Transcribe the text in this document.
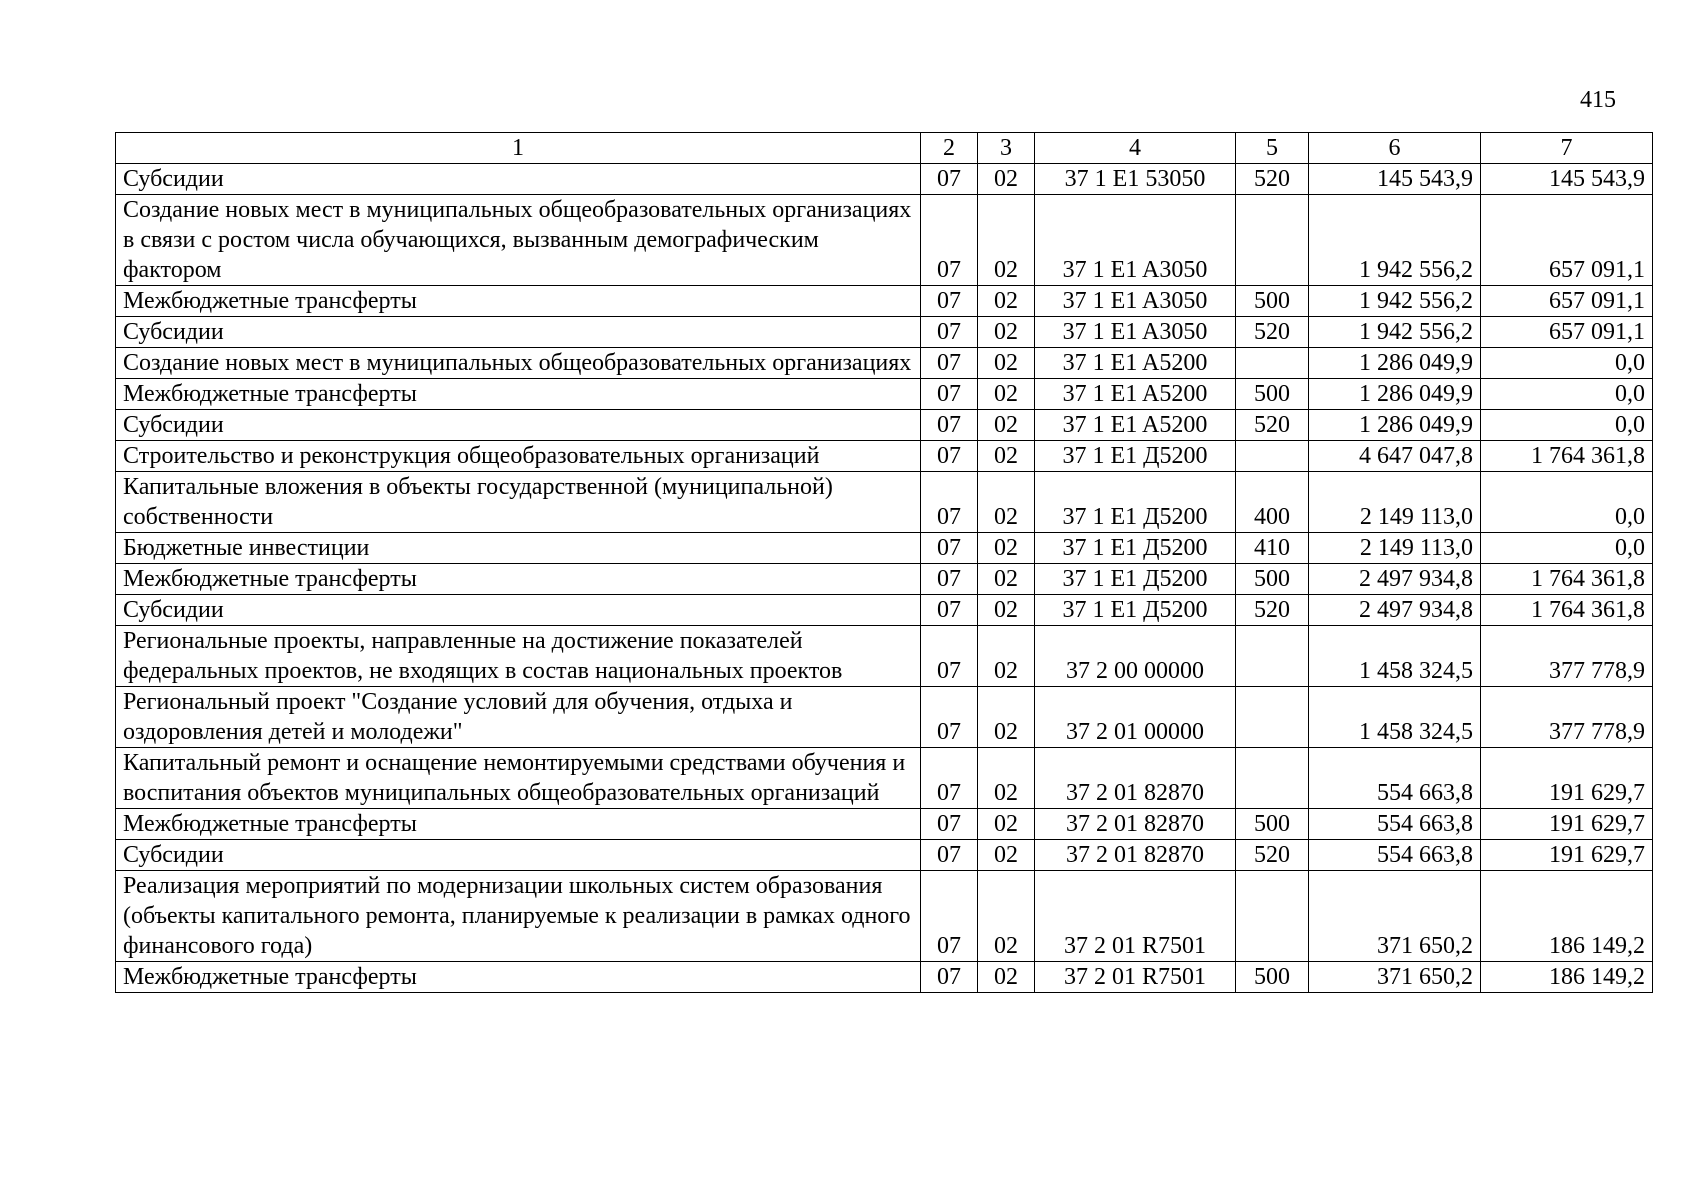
415
1	2	3	4	5	6	7
Субсидии	07	02	37 1 E1 53050	520	145 543,9	145 543,9
Создание новых мест в муниципальных общеобразовательных организациях в связи с ростом числа обучающихся, вызванным демографическим фактором	07	02	37 1 E1 A3050		1 942 556,2	657 091,1
Межбюджетные трансферты	07	02	37 1 E1 A3050	500	1 942 556,2	657 091,1
Субсидии	07	02	37 1 E1 A3050	520	1 942 556,2	657 091,1
Создание новых мест в муниципальных общеобразовательных организациях	07	02	37 1 E1 A5200		1 286 049,9	0,0
Межбюджетные трансферты	07	02	37 1 E1 A5200	500	1 286 049,9	0,0
Субсидии	07	02	37 1 E1 A5200	520	1 286 049,9	0,0
Строительство и реконструкция общеобразовательных организаций	07	02	37 1 E1 Д5200		4 647 047,8	1 764 361,8
Капитальные вложения в объекты государственной (муниципальной) собственности	07	02	37 1 E1 Д5200	400	2 149 113,0	0,0
Бюджетные инвестиции	07	02	37 1 E1 Д5200	410	2 149 113,0	0,0
Межбюджетные трансферты	07	02	37 1 E1 Д5200	500	2 497 934,8	1 764 361,8
Субсидии	07	02	37 1 E1 Д5200	520	2 497 934,8	1 764 361,8
Региональные проекты, направленные на достижение показателей федеральных проектов, не входящих в состав национальных проектов	07	02	37 2 00 00000		1 458 324,5	377 778,9
Региональный проект "Создание условий для обучения, отдыха и оздоровления детей и молодежи"	07	02	37 2 01 00000		1 458 324,5	377 778,9
Капитальный ремонт и оснащение немонтируемыми средствами обучения и воспитания объектов муниципальных общеобразовательных организаций	07	02	37 2 01 82870		554 663,8	191 629,7
Межбюджетные трансферты	07	02	37 2 01 82870	500	554 663,8	191 629,7
Субсидии	07	02	37 2 01 82870	520	554 663,8	191 629,7
Реализация мероприятий по модернизации школьных систем образования (объекты капитального ремонта, планируемые к реализации в рамках одного финансового года)	07	02	37 2 01 R7501		371 650,2	186 149,2
Межбюджетные трансферты	07	02	37 2 01 R7501	500	371 650,2	186 149,2
